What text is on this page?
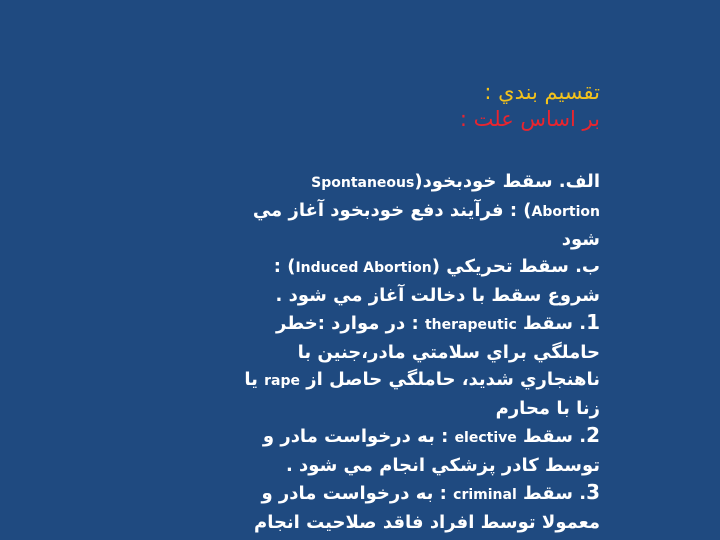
تقسيم بندي :
بر اساس علت :
الف. سقط خودبخود(Spontaneous
Abortion) : فرآيند دفع خودبخود آغاز مي
شود
ب. سقط تحريكي (Induced Abortion) :
شروع سقط با دخالت آغاز مي شود .
1. سقط therapeutic : در موارد :خطر
حاملگي براي سلامتي مادر،جنين با
ناهنجاري شديد، حاملگي حاصل از rape يا
زنا با محارم
2. سقط elective : به درخواست مادر و
توسط كادر پزشكي انجام مي شود .
3. سقط criminal : به درخواست مادر و
معمولا توسط افراد فاقد صلاحيت انجام
